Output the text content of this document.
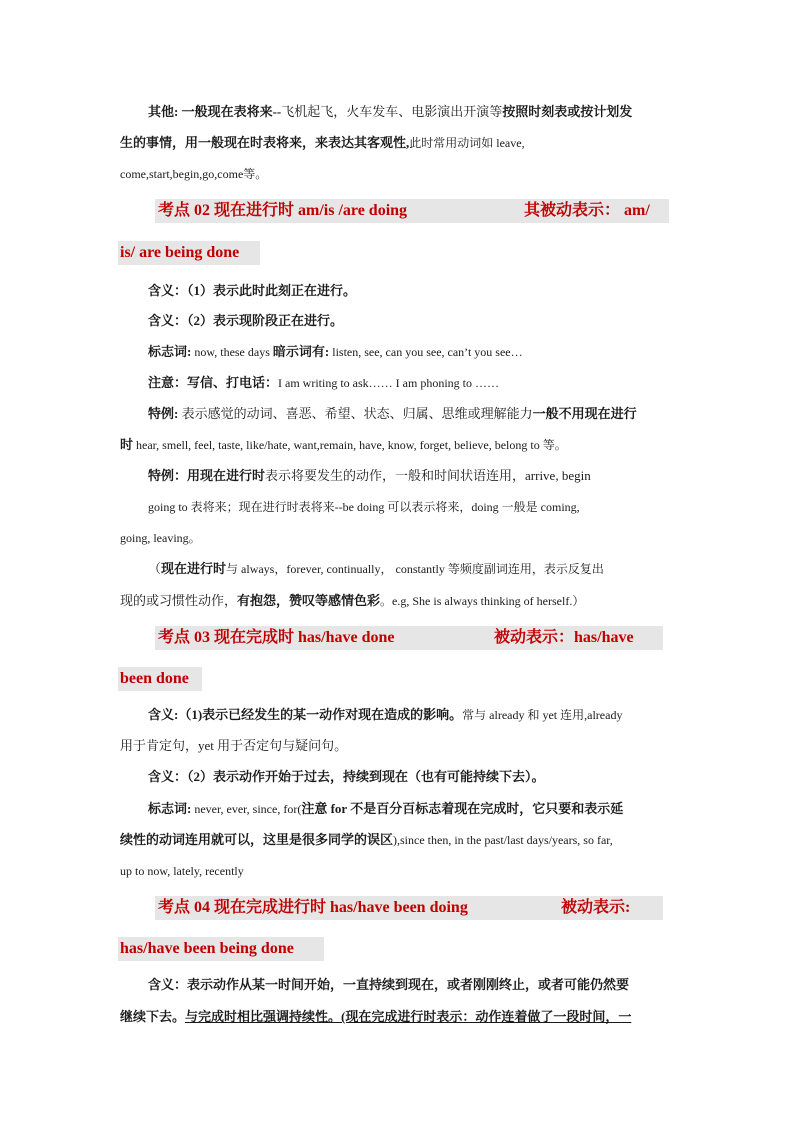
其他: 一般现在表将来--飞机起飞，火车发车、电影演出开演等按照时刻表或按计划发
生的事情，用一般现在时表将来，来表达其客观性,此时常用动词如 leave,
come,start,begin,go,come等。
考点 02 现在进行时 am/is /are doing	其被动表示： am/
is/ are being done
含义：（1）表示此时此刻正在进行。
含义：（2）表示现阶段正在进行。
标志词: now, these days 暗示词有: listen, see, can you see, can’t you see…
注意：写信、打电话：I am writing to ask…… I am phoning to ……
特例: 表示感觉的动词、喜恶、希望、状态、归属、思维或理解能力一般不用现在进行
时 hear, smell, feel, taste, like/hate, want,remain, have, know, forget, believe, belong to 等。
特例：用现在进行时表示将要发生的动作，一般和时间状语连用，arrive, begin
going to 表将来；现在进行时表将来--be doing 可以表示将来，doing 一般是 coming,
going, leaving。
（现在进行时与 always，forever, continually， constantly 等频度副词连用，表示反复出
现的或习惯性动作，有抱怨，赞叹等感情色彩。e.g, She is always thinking of herself.）
考点 03 现在完成时 has/have done	被动表示：has/have
been done
含义:（1)表示已经发生的某一动作对现在造成的影响。常与 already 和 yet 连用,already
用于肯定句，yet 用于否定句与疑问句。
含义：（2）表示动作开始于过去，持续到现在（也有可能持续下去）。
标志词: never, ever, since, for(注意 for 不是百分百标志着现在完成时，它只要和表示延
续性的动词连用就可以，这里是很多同学的误区),since then, in the past/last days/years, so far,
up to now, lately, recently
考点 04 现在完成进行时 has/have been doing	被动表示:
has/have been being done
含义：表示动作从某一时间开始，一直持续到现在，或者刚刚终止，或者可能仍然要
继续下去。与完成时相比强调持续性。(现在完成进行时表示：动作连着做了一段时间，一
